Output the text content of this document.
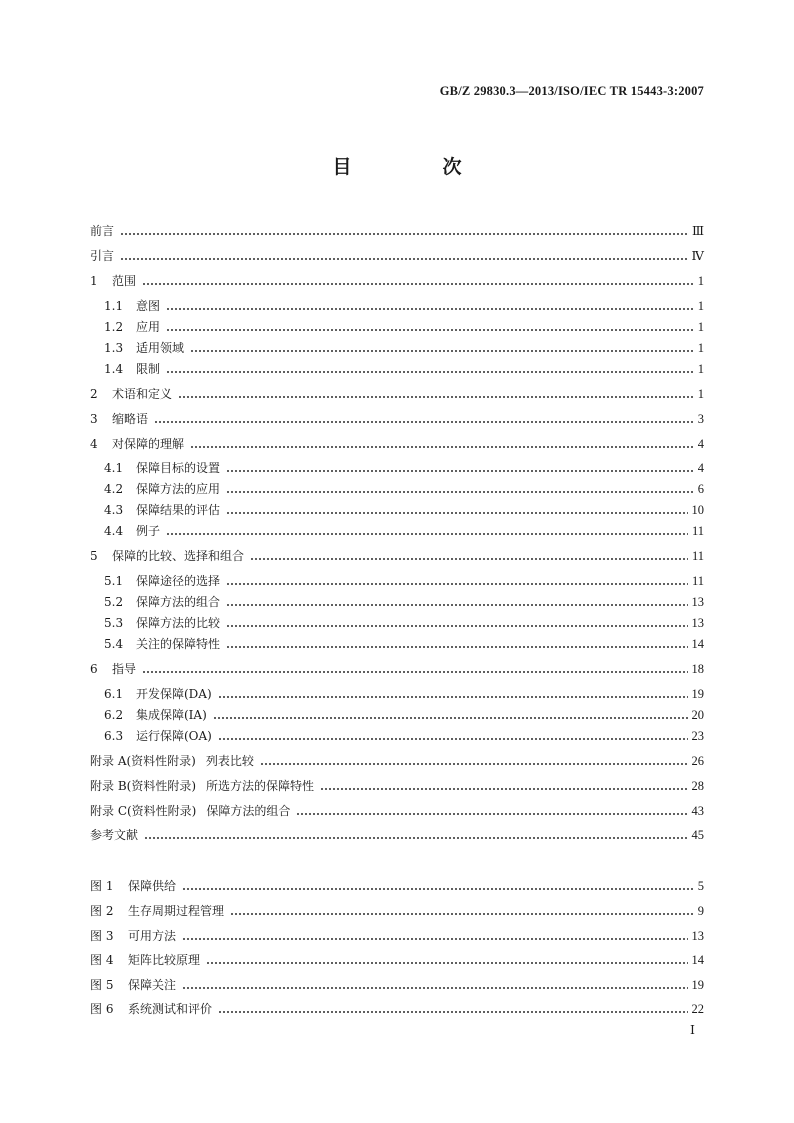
GB/Z 29830.3—2013/ISO/IEC TR 15443-3:2007
目　次
前言	Ⅲ
引言	Ⅳ
1	范围	1
1.1	意图	1
1.2	应用	1
1.3	适用领域	1
1.4	限制	1
2	术语和定义	1
3	缩略语	3
4	对保障的理解	4
4.1	保障目标的设置	4
4.2	保障方法的应用	6
4.3	保障结果的评估	10
4.4	例子	11
5	保障的比较、选择和组合	11
5.1	保障途径的选择	11
5.2	保障方法的组合	13
5.3	保障方法的比较	13
5.4	关注的保障特性	14
6	指导	18
6.1	开发保障(DA)	19
6.2	集成保障(IA)	20
6.3	运行保障(OA)	23
附录 A(资料性附录) 列表比较	26
附录 B(资料性附录) 所选方法的保障特性	28
附录 C(资料性附录) 保障方法的组合	43
参考文献	45
图 1	保障供给	5
图 2	生存周期过程管理	9
图 3	可用方法	13
图 4	矩阵比较原理	14
图 5	保障关注	19
图 6	系统测试和评价	22
Ⅰ
